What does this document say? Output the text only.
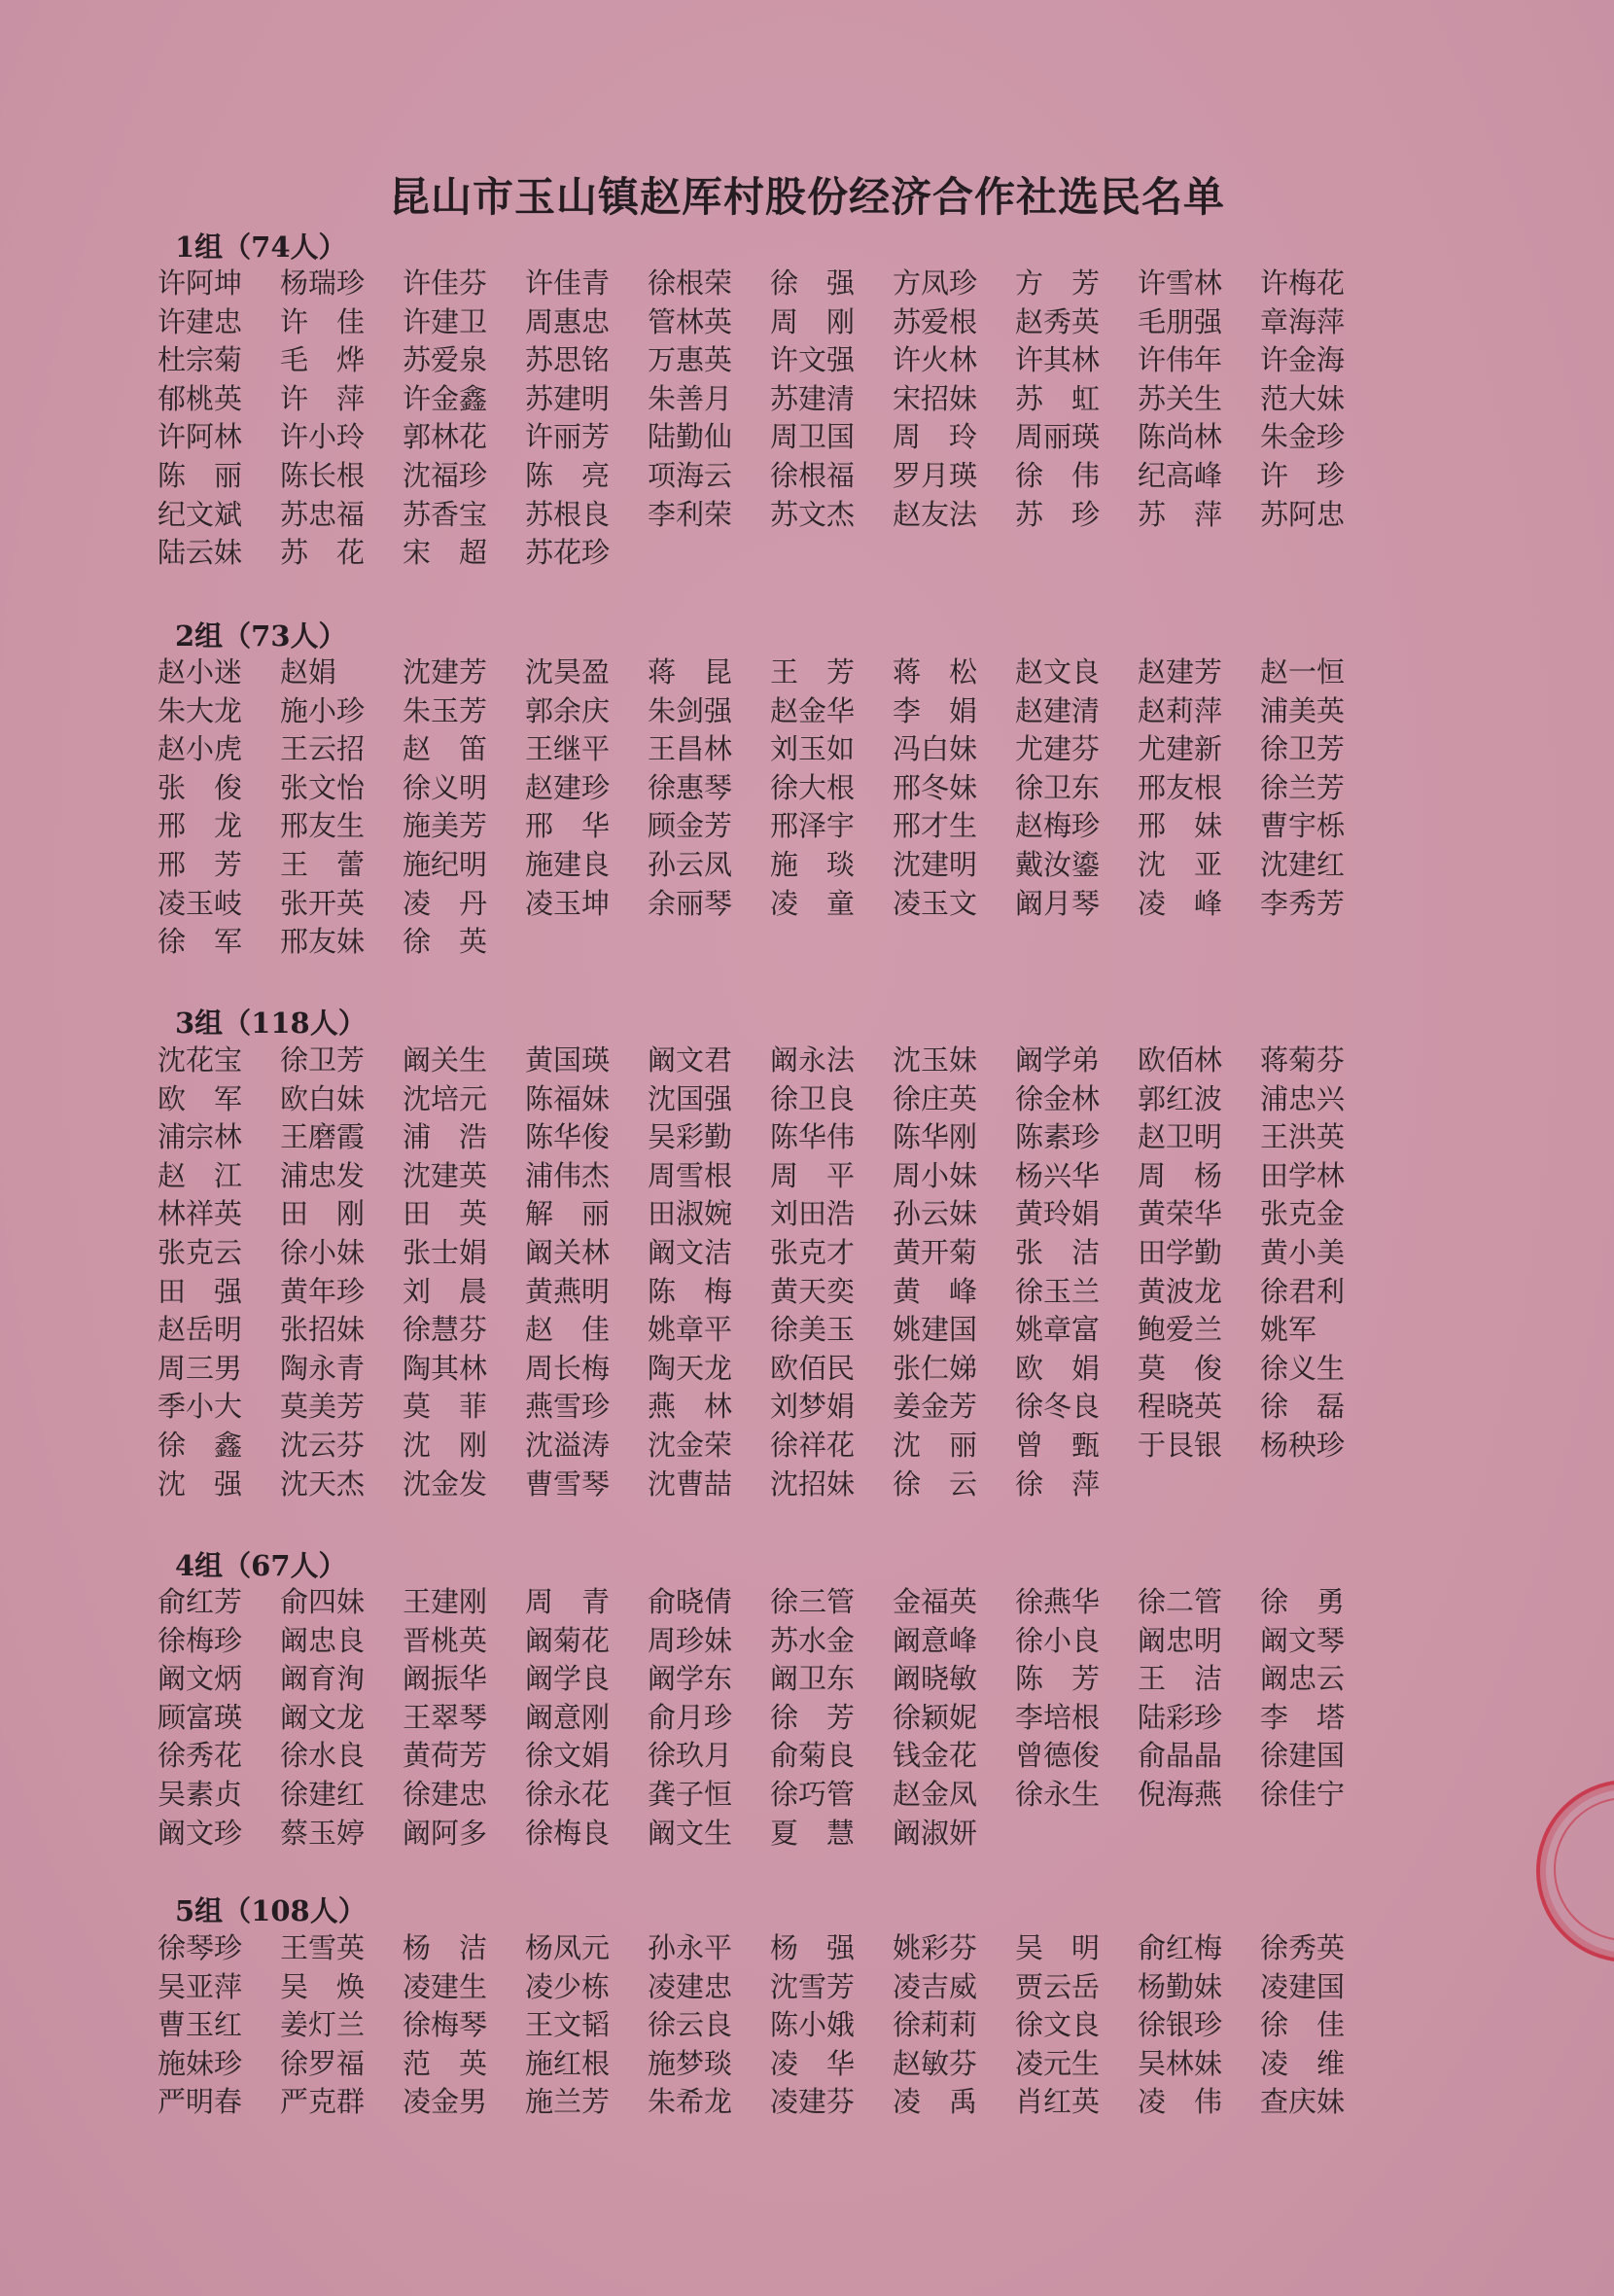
昆山市玉山镇赵厍村股份经济合作社选民名单
1组（74人）
许阿坤	杨瑞珍	许佳芬	许佳青	徐根荣	徐　强	方凤珍	方　芳	许雪林	许梅花
许建忠	许　佳	许建卫	周惠忠	管林英	周　刚	苏爱根	赵秀英	毛朋强	章海萍
杜宗菊	毛　烨	苏爱泉	苏思铭	万惠英	许文强	许火林	许其林	许伟年	许金海
郁桃英	许　萍	许金鑫	苏建明	朱善月	苏建清	宋招妹	苏　虹	苏关生	范大妹
许阿林	许小玲	郭林花	许丽芳	陆勤仙	周卫国	周　玲	周丽瑛	陈尚林	朱金珍
陈　丽	陈长根	沈福珍	陈　亮	项海云	徐根福	罗月瑛	徐　伟	纪高峰	许　珍
纪文斌	苏忠福	苏香宝	苏根良	李利荣	苏文杰	赵友法	苏　珍	苏　萍	苏阿忠
陆云妹	苏　花	宋　超	苏花珍
2组（73人）
赵小迷	赵娟	沈建芳	沈昊盈	蒋　昆	王　芳	蒋　松	赵文良	赵建芳	赵一恒
朱大龙	施小珍	朱玉芳	郭余庆	朱剑强	赵金华	李　娟	赵建清	赵莉萍	浦美英
赵小虎	王云招	赵　笛	王继平	王昌林	刘玉如	冯白妹	尤建芬	尤建新	徐卫芳
张　俊	张文怡	徐义明	赵建珍	徐惠琴	徐大根	邢冬妹	徐卫东	邢友根	徐兰芳
邢　龙	邢友生	施美芳	邢　华	顾金芳	邢泽宇	邢才生	赵梅珍	邢　妹	曹宇栎
邢　芳	王　蕾	施纪明	施建良	孙云凤	施　琰	沈建明	戴汝鎏	沈　亚	沈建红
凌玉岐	张开英	凌　丹	凌玉坤	余丽琴	凌　童	凌玉文	阚月琴	凌　峰	李秀芳
徐　军	邢友妹	徐　英
3组（118人）
沈花宝	徐卫芳	阚关生	黄国瑛	阚文君	阚永法	沈玉妹	阚学弟	欧佰林	蒋菊芬
欧　军	欧白妹	沈培元	陈福妹	沈国强	徐卫良	徐庄英	徐金林	郭红波	浦忠兴
浦宗林	王磨霞	浦　浩	陈华俊	吴彩勤	陈华伟	陈华刚	陈素珍	赵卫明	王洪英
赵　江	浦忠发	沈建英	浦伟杰	周雪根	周　平	周小妹	杨兴华	周　杨	田学林
林祥英	田　刚	田　英	解　丽	田淑婉	刘田浩	孙云妹	黄玲娟	黄荣华	张克金
张克云	徐小妹	张士娟	阚关林	阚文洁	张克才	黄开菊	张　洁	田学勤	黄小美
田　强	黄年珍	刘　晨	黄燕明	陈　梅	黄天奕	黄　峰	徐玉兰	黄波龙	徐君利
赵岳明	张招妹	徐慧芬	赵　佳	姚章平	徐美玉	姚建国	姚章富	鲍爱兰	姚军
周三男	陶永青	陶其林	周长梅	陶天龙	欧佰民	张仁娣	欧　娟	莫　俊	徐义生
季小大	莫美芳	莫　菲	燕雪珍	燕　林	刘梦娟	姜金芳	徐冬良	程晓英	徐　磊
徐　鑫	沈云芬	沈　刚	沈溢涛	沈金荣	徐祥花	沈　丽	曾　甄	于艮银	杨秧珍
沈　强	沈天杰	沈金发	曹雪琴	沈曹喆	沈招妹	徐　云	徐　萍
4组（67人）
俞红芳	俞四妹	王建刚	周　青	俞晓倩	徐三管	金福英	徐燕华	徐二管	徐　勇
徐梅珍	阚忠良	晋桃英	阚菊花	周珍妹	苏水金	阚意峰	徐小良	阚忠明	阚文琴
阚文炳	阚育洵	阚振华	阚学良	阚学东	阚卫东	阚晓敏	陈　芳	王　洁	阚忠云
顾富瑛	阚文龙	王翠琴	阚意刚	俞月珍	徐　芳	徐颖妮	李培根	陆彩珍	李　塔
徐秀花	徐水良	黄荷芳	徐文娟	徐玖月	俞菊良	钱金花	曾德俊	俞晶晶	徐建国
吴素贞	徐建红	徐建忠	徐永花	龚子恒	徐巧管	赵金凤	徐永生	倪海燕	徐佳宁
阚文珍	蔡玉婷	阚阿多	徐梅良	阚文生	夏　慧	阚淑妍
5组（108人）
徐琴珍	王雪英	杨　洁	杨凤元	孙永平	杨　强	姚彩芬	吴　明	俞红梅	徐秀英
吴亚萍	吴　焕	凌建生	凌少栋	凌建忠	沈雪芳	凌吉威	贾云岳	杨勤妹	凌建国
曹玉红	姜灯兰	徐梅琴	王文韬	徐云良	陈小娥	徐莉莉	徐文良	徐银珍	徐　佳
施妹珍	徐罗福	范　英	施红根	施梦琰	凌　华	赵敏芬	凌元生	吴林妹	凌　维
严明春	严克群	凌金男	施兰芳	朱希龙	凌建芬	凌　禹	肖红英	凌　伟	查庆妹
